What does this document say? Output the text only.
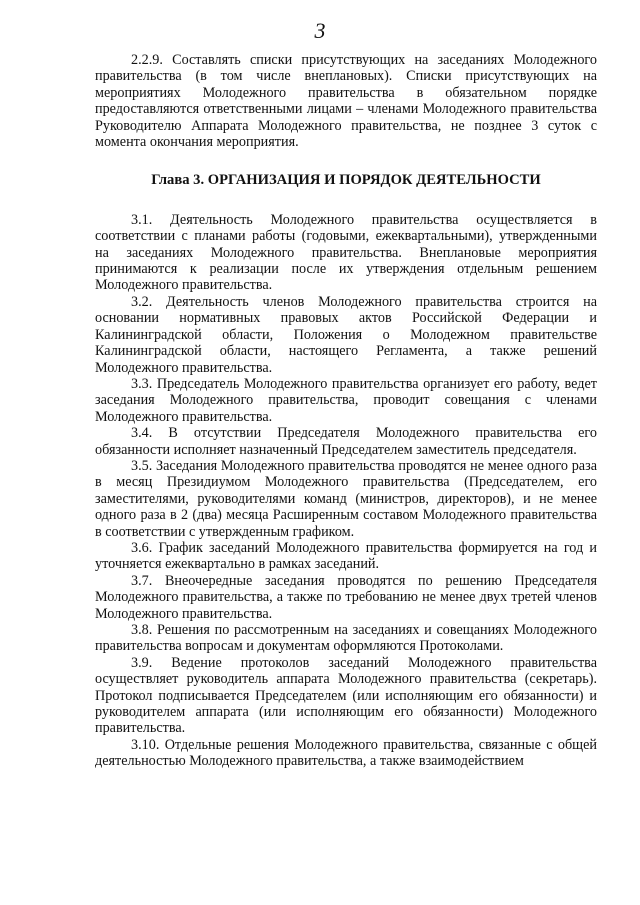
3

2.2.9. Составлять списки присутствующих на заседаниях Молодежного правительства (в том числе внеплановых). Списки присутствующих на мероприятиях Молодежного правительства в обязательном порядке предоставляются ответственными лицами – членами Молодежного правительства Руководителю Аппарата Молодежного правительства, не позднее 3 суток с момента окончания мероприятия.

Глава 3. ОРГАНИЗАЦИЯ И ПОРЯДОК ДЕЯТЕЛЬНОСТИ

3.1. Деятельность Молодежного правительства осуществляется в соответствии с планами работы (годовыми, ежеквартальными), утвержденными на заседаниях Молодежного правительства. Внеплановые мероприятия принимаются к реализации после их утверждения отдельным решением Молодежного правительства.

3.2. Деятельность членов Молодежного правительства строится на основании нормативных правовых актов Российской Федерации и Калининградской области, Положения о Молодежном правительстве Калининградской области, настоящего Регламента, а также решений Молодежного правительства.

3.3. Председатель Молодежного правительства организует его работу, ведет заседания Молодежного правительства, проводит совещания с членами Молодежного правительства.

3.4. В отсутствии Председателя Молодежного правительства его обязанности исполняет назначенный Председателем заместитель председателя.

3.5. Заседания Молодежного правительства проводятся не менее одного раза в месяц Президиумом Молодежного правительства (Председателем, его заместителями, руководителями команд (министров, директоров), и не менее одного раза в 2 (два) месяца Расширенным составом Молодежного правительства в соответствии с утвержденным графиком.

3.6. График заседаний Молодежного правительства формируется на год и уточняется ежеквартально в рамках заседаний.

3.7. Внеочередные заседания проводятся по решению Председателя Молодежного правительства, а также по требованию не менее двух третей членов Молодежного правительства.

3.8. Решения по рассмотренным на заседаниях и совещаниях Молодежного правительства вопросам и документам оформляются Протоколами.

3.9. Ведение протоколов заседаний Молодежного правительства осуществляет руководитель аппарата Молодежного правительства (секретарь). Протокол подписывается Председателем (или исполняющим его обязанности) и руководителем аппарата (или исполняющим его обязанности) Молодежного правительства.

3.10. Отдельные решения Молодежного правительства, связанные с общей деятельностью Молодежного правительства, а также взаимодействием
